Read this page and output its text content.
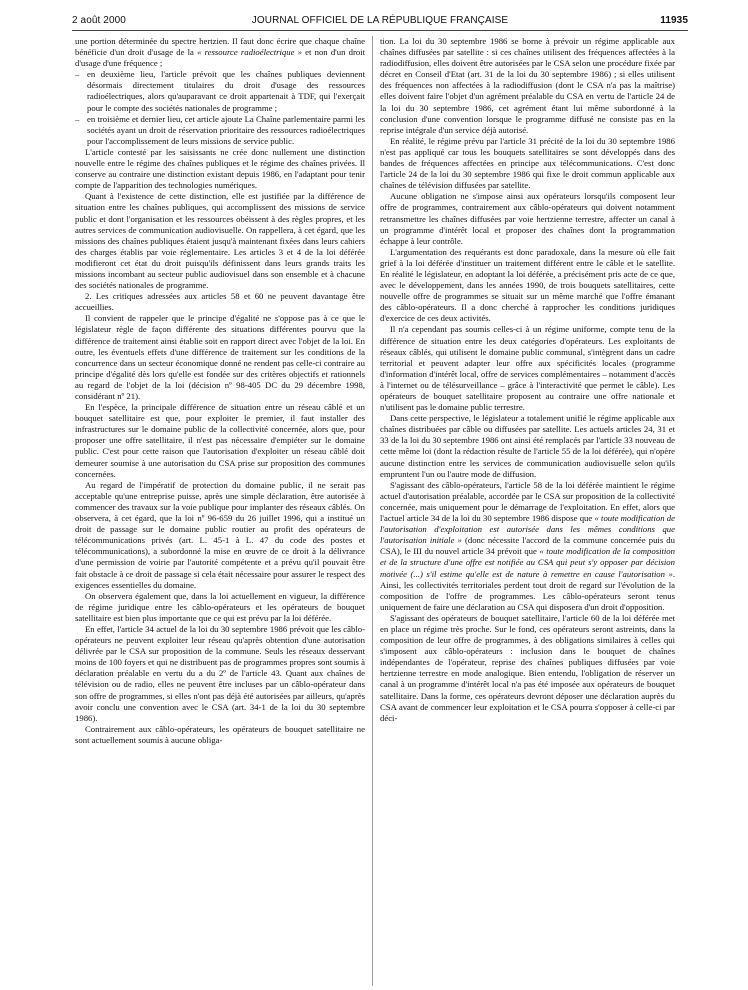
2 août 2000	JOURNAL OFFICIEL DE LA RÉPUBLIQUE FRANÇAISE	11935

une portion déterminée du spectre hertzien. Il faut donc écrire que chaque chaîne bénéficie d'un droit d'usage de la « ressource radioélectrique » et non d'un droit d'usage d'une fréquence ;

– en deuxième lieu, l'article prévoit que les chaînes publiques deviennent désormais directement titulaires du droit d'usage des ressources radioélectriques, alors qu'auparavant ce droit appartenait à TDF, qui l'exerçait pour le compte des sociétés nationales de programme ;
– en troisième et dernier lieu, cet article ajoute La Chaîne parlementaire parmi les sociétés ayant un droit de réservation prioritaire des ressources radioélectriques pour l'accomplissement de leurs missions de service public.

L'article contesté par les saisissants ne crée donc nullement une distinction nouvelle entre le régime des chaînes publiques et le régime des chaînes privées. Il conserve au contraire une distinction existant depuis 1986, en l'adaptant pour tenir compte de l'apparition des technologies numériques.

Quant à l'existence de cette distinction, elle est justifiée par la différence de situation entre les chaînes publiques, qui accomplissent des missions de service public et dont l'organisation et les ressources obéissent à des règles propres, et les autres services de communication audiovisuelle. On rappellera, à cet égard, que les missions des chaînes publiques étaient jusqu'à maintenant fixées dans leurs cahiers des charges établis par voie réglementaire. Les articles 3 et 4 de la loi déférée modifieront cet état du droit puisqu'ils définissent dans leurs grands traits les missions incombant au secteur public audiovisuel dans son ensemble et à chacune des sociétés nationales de programme.

2. Les critiques adressées aux articles 58 et 60 ne peuvent davantage être accueillies.

Il convient de rappeler que le principe d'égalité ne s'oppose pas à ce que le législateur règle de façon différente des situations différentes pourvu que la différence de traitement ainsi établie soit en rapport direct avec l'objet de la loi. En outre, les éventuels effets d'une différence de traitement sur les conditions de la concurrence dans un secteur économique donné ne rendent pas celle-ci contraire au principe d'égalité dès lors qu'elle est fondée sur des critères objectifs et rationnels au regard de l'objet de la loi (décision nº 98-405 DC du 29 décembre 1998, considérant nº 21).

En l'espèce, la principale différence de situation entre un réseau câblé et un bouquet satellitaire est que, pour exploiter le premier, il faut installer des infrastructures sur le domaine public de la collectivité concernée, alors que, pour proposer une offre satellitaire, il n'est pas nécessaire d'empiéter sur le domaine public. C'est pour cette raison que l'autorisation d'exploiter un réseau câblé doit demeurer soumise à une autorisation du CSA prise sur proposition des communes concernées.

Au regard de l'impératif de protection du domaine public, il ne serait pas acceptable qu'une entreprise puisse, après une simple déclaration, être autorisée à commencer des travaux sur la voie publique pour implanter des réseaux câblés. On observera, à cet égard, que la loi nº 96-659 du 26 juillet 1996, qui a institué un droit de passage sur le domaine public routier au profit des opérateurs de télécommunications privés (art. L. 45-1 à L. 47 du code des postes et télécommunications), a subordonné la mise en œuvre de ce droit à la délivrance d'une permission de voirie par l'autorité compétente et a prévu qu'il pouvait être fait obstacle à ce droit de passage si cela était nécessaire pour assurer le respect des exigences essentielles du domaine.

On observera également que, dans la loi actuellement en vigueur, la différence de régime juridique entre les câblo-opérateurs et les opérateurs de bouquet satellitaire est bien plus importante que ce qui est prévu par la loi déférée.

En effet, l'article 34 actuel de la loi du 30 septembre 1986 prévoit que les câblo-opérateurs ne peuvent exploiter leur réseau qu'après obtention d'une autorisation délivrée par le CSA sur proposition de la commune. Seuls les réseaux desservant moins de 100 foyers et qui ne distribuent pas de programmes propres sont soumis à déclaration préalable en vertu du a du 2º de l'article 43. Quant aux chaînes de télévision ou de radio, elles ne peuvent être incluses par un câblo-opérateur dans son offre de programmes, si elles n'ont pas déjà été autorisées par ailleurs, qu'après avoir conclu une convention avec le CSA (art. 34-1 de la loi du 30 septembre 1986).

Contrairement aux câblo-opérateurs, les opérateurs de bouquet satellitaire ne sont actuellement soumis à aucune obliga-

tion. La loi du 30 septembre 1986 se borne à prévoir un régime applicable aux chaînes diffusées par satellite : si ces chaînes utilisent des fréquences affectées à la radiodiffusion, elles doivent être autorisées par le CSA selon une procédure fixée par décret en Conseil d'Etat (art. 31 de la loi du 30 septembre 1986) ; si elles utilisent des fréquences non affectées à la radiodiffusion (dont le CSA n'a pas la maîtrise) elles doivent faire l'objet d'un agrément préalable du CSA en vertu de l'article 24 de la loi du 30 septembre 1986, cet agrément étant lui même subordonné à la conclusion d'une convention lorsque le programme diffusé ne consiste pas en la reprise intégrale d'un service déjà autorisé.

En réalité, le régime prévu par l'article 31 précité de la loi du 30 septembre 1986 n'est pas appliqué car tous les bouquets satellitaires se sont développés dans des bandes de fréquences affectées en principe aux télécommunications. C'est donc l'article 24 de la loi du 30 septembre 1986 qui fixe le droit commun applicable aux chaînes de télévision diffusées par satellite.

Aucune obligation ne s'impose ainsi aux opérateurs lorsqu'ils composent leur offre de programmes, contrairement aux câblo-opérateurs qui doivent notamment retransmettre les chaînes diffusées par voie hertzienne terrestre, affecter un canal à un programme d'intérêt local et proposer des chaînes dont la programmation échappe à leur contrôle.

L'argumentation des requérants est donc paradoxale, dans la mesure où elle fait grief à la loi déférée d'instituer un traitement différent entre le câble et le satellite. En réalité le législateur, en adoptant la loi déférée, a précisément pris acte de ce que, avec le développement, dans les années 1990, de trois bouquets satellitaires, cette nouvelle offre de programmes se situait sur un même marché que l'offre émanant des câblo-opérateurs. Il a donc cherché à rapprocher les conditions juridiques d'exercice de ces deux activités.

Il n'a cependant pas soumis celles-ci à un régime uniforme, compte tenu de la différence de situation entre les deux catégories d'opérateurs. Les exploitants de réseaux câblés, qui utilisent le domaine public communal, s'intègrent dans un cadre territorial et peuvent adapter leur offre aux spécificités locales (programme d'information d'intérêt local, offre de services complémentaires – notamment d'accès à l'internet ou de télésurveillance – grâce à l'interactivité que permet le câble). Les opérateurs de bouquet satellitaire proposent au contraire une offre nationale et n'utilisent pas le domaine public terrestre.

Dans cette perspective, le législateur a totalement unifié le régime applicable aux chaînes distribuées par câble ou diffusées par satellite. Les actuels articles 24, 31 et 33 de la loi du 30 septembre 1986 ont ainsi été remplacés par l'article 33 nouveau de cette même loi (dont la rédaction résulte de l'article 55 de la loi déférée), qui n'opère aucune distinction entre les services de communication audiovisuelle selon qu'ils empruntent l'un ou l'autre mode de diffusion.

S'agissant des câblo-opérateurs, l'article 58 de la loi déférée maintient le régime actuel d'autorisation préalable, accordée par le CSA sur proposition de la collectivité concernée, mais uniquement pour le démarrage de l'exploitation. En effet, alors que l'actuel article 34 de la loi du 30 septembre 1986 dispose que « toute modification de l'autorisation d'exploitation est autorisée dans les mêmes conditions que l'autorisation initiale » (donc nécessite l'accord de la commune concernée puis du CSA), le III du nouvel article 34 prévoit que « toute modification de la composition et de la structure d'une offre est notifiée au CSA qui peut s'y opposer par décision motivée (...) s'il estime qu'elle est de nature à remettre en cause l'autorisation ». Ainsi, les collectivités territoriales perdent tout droit de regard sur l'évolution de la composition de l'offre de programmes. Les câblo-opérateurs seront tenus uniquement de faire une déclaration au CSA qui disposera d'un droit d'opposition.

S'agissant des opérateurs de bouquet satellitaire, l'article 60 de la loi déférée met en place un régime très proche. Sur le fond, ces opérateurs seront astreints, dans la composition de leur offre de programmes, à des obligations similaires à celles qui s'imposent aux câblo-opérateurs : inclusion dans le bouquet de chaînes indépendantes de l'opérateur, reprise des chaînes publiques diffusées par voie hertzienne terrestre en mode analogique. Bien entendu, l'obligation de réserver un canal à un programme d'intérêt local n'a pas été imposée aux opérateurs de bouquet satellitaire. Dans la forme, ces opérateurs devront déposer une déclaration auprès du CSA avant de commencer leur exploitation et le CSA pourra s'opposer à celle-ci par déci-
